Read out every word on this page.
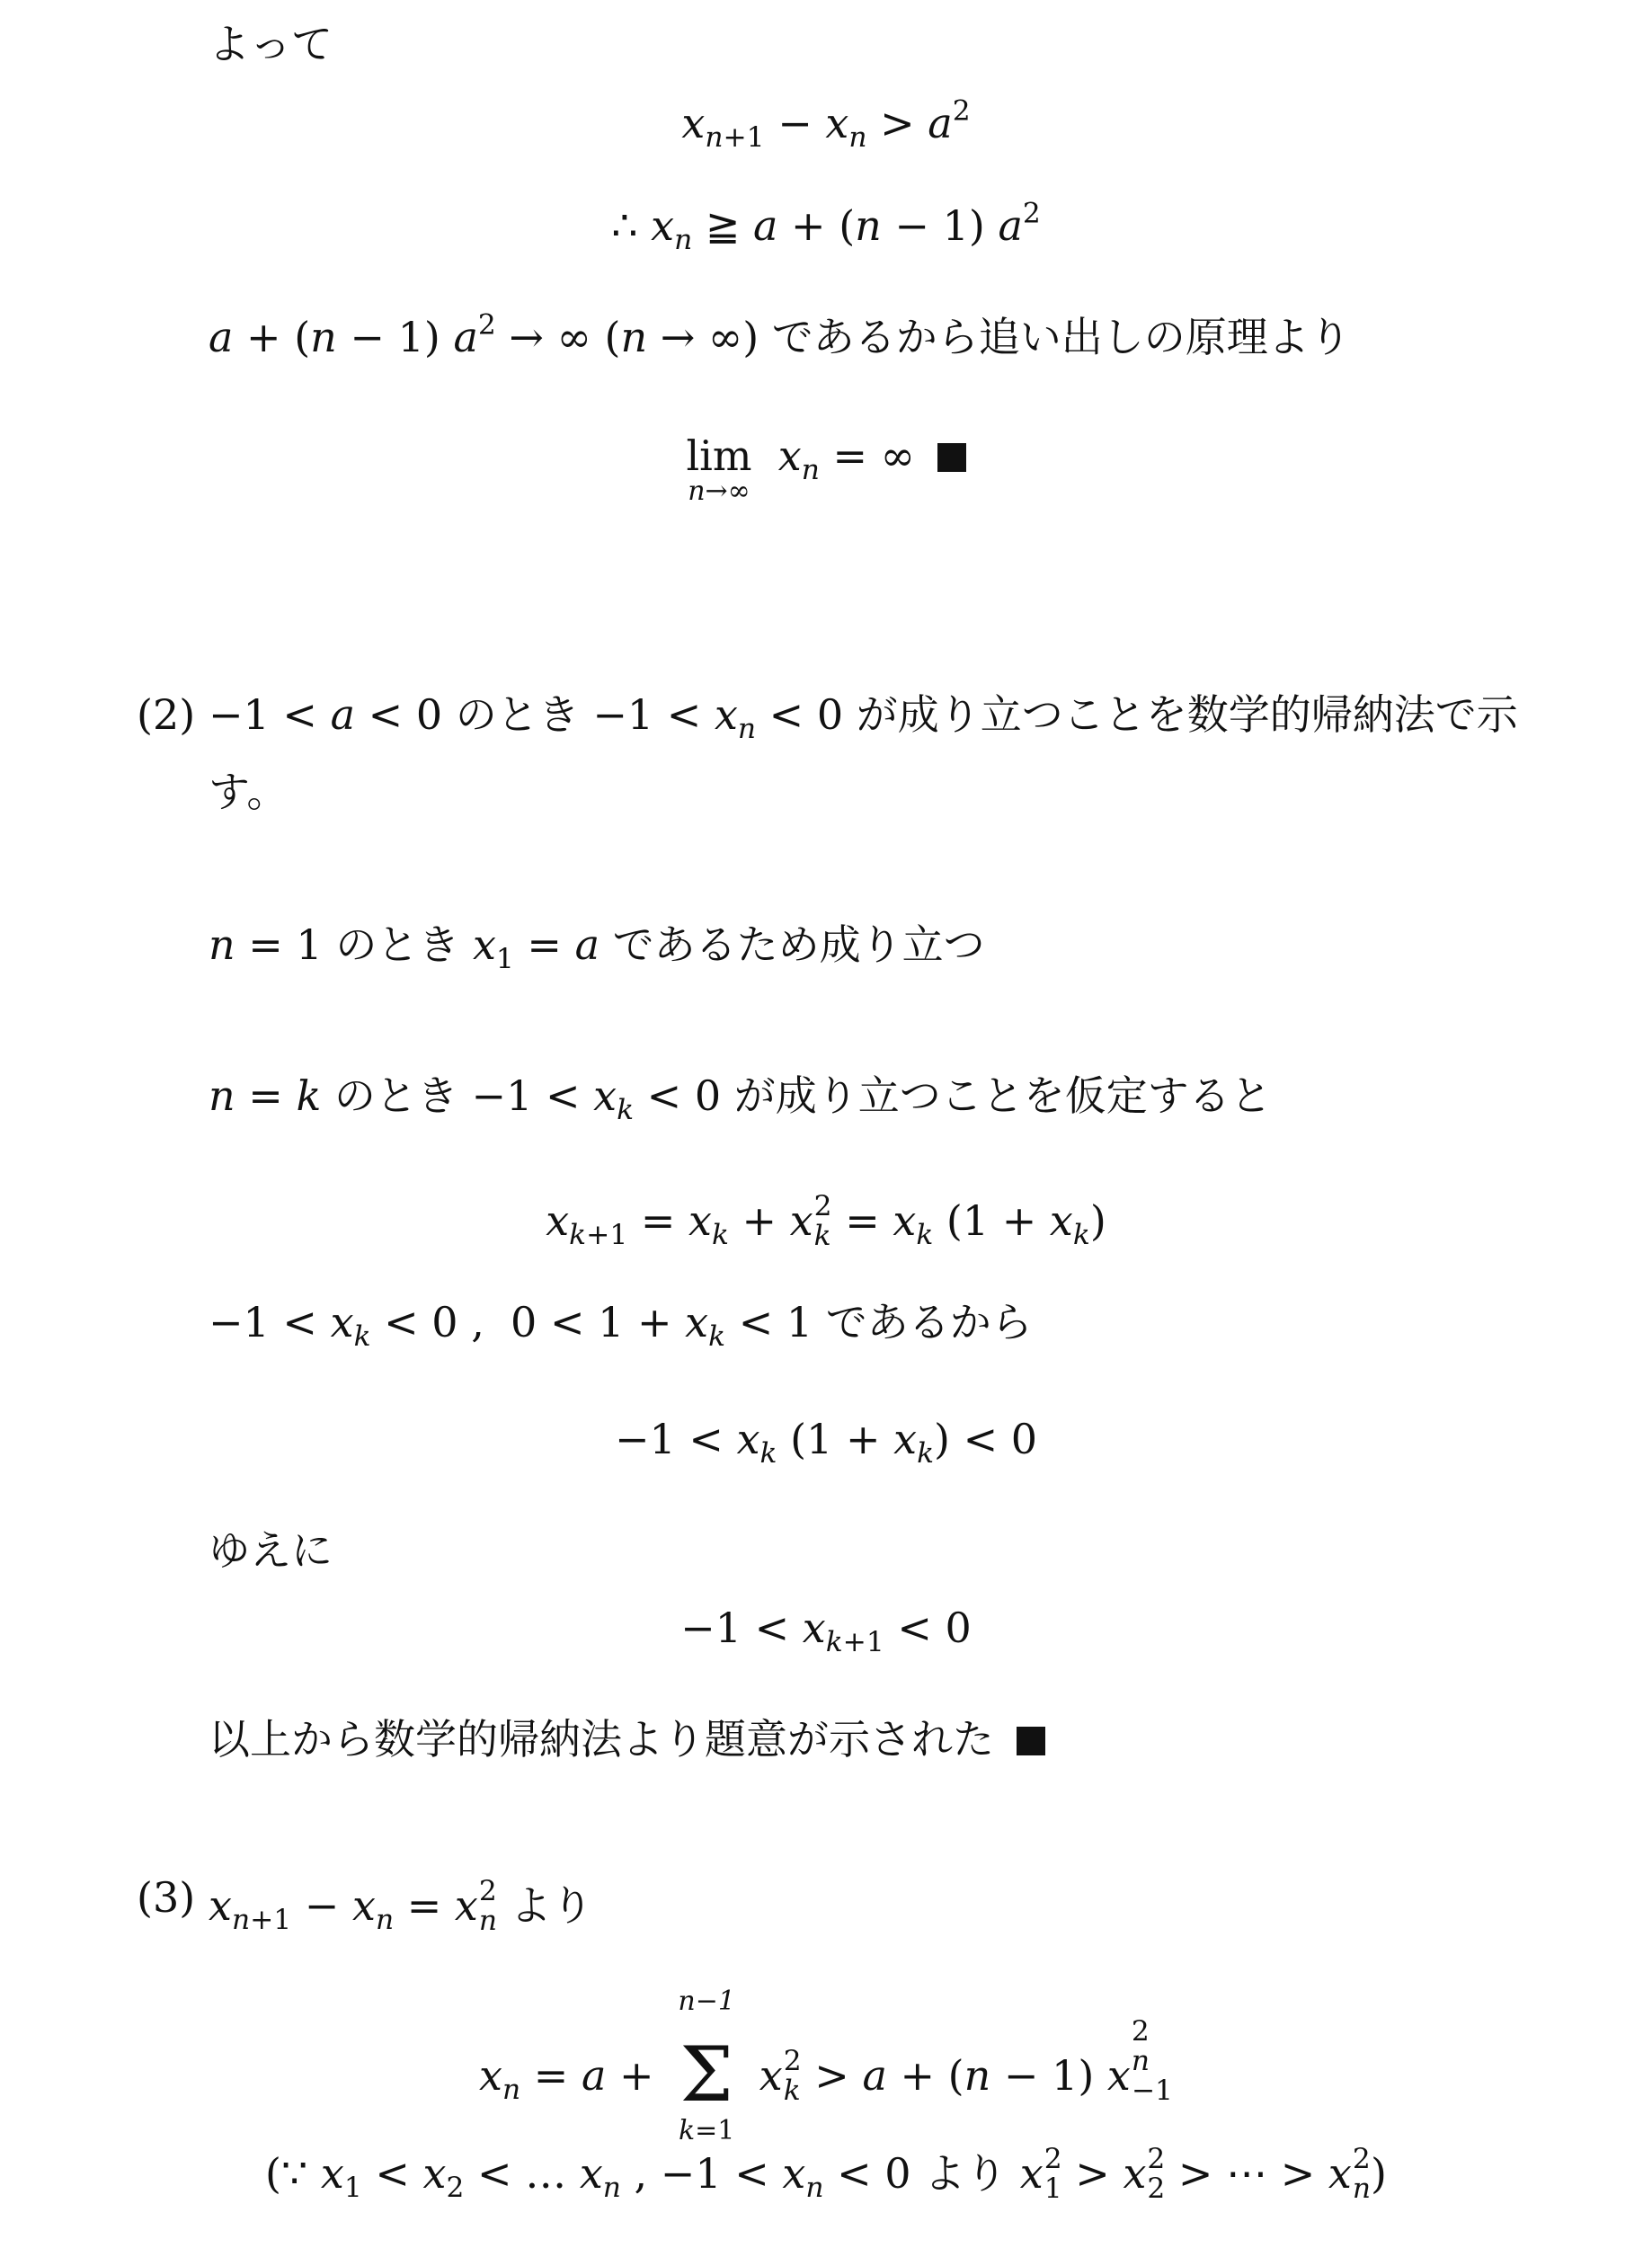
よって
$x_{n+1} - x_n > a^2$
∴ $x_n$ ≧ a + (n − 1) $a^2$
a + (n − 1) $a^2$ → ∞ (n → ∞) であるから追い出しの原理より
lim
n→∞
$x_n$ = ∞
(2) −1 < a < 0 のとき $-1 < x_n < 0$ が成り立つことを数学的帰納法で示
す。
n = 1 のとき $x_1 = a$ であるため成り立つ
n = k のとき $-1 < x_k < 0$ が成り立つことを仮定すると
$x_{k+1} = x_k + x$ 2
$k = x_k$ $(1 + x_k)$
$-1 < x_k < 0$ ,  $0 < 1 + x_k < 1$ であるから
$-1 < x_k$ $(1 + x_k) < 0$
ゆえに
$-1 < x_{k+1} < 0$
以上から数学的帰納法より題意が示された
(3) $x_{n+1} - x_n = x$ 2
n より
$x_n = a$ +
n−1
Σ
k=1
x 2
k > a + (n − 1) x
2
n
−1
(∵ $x_1 < x_2$ < … $x_n$ , $-1 < x_n < 0$ より x 2
1 > x 2
2 > ⋯ > x 2
n )
